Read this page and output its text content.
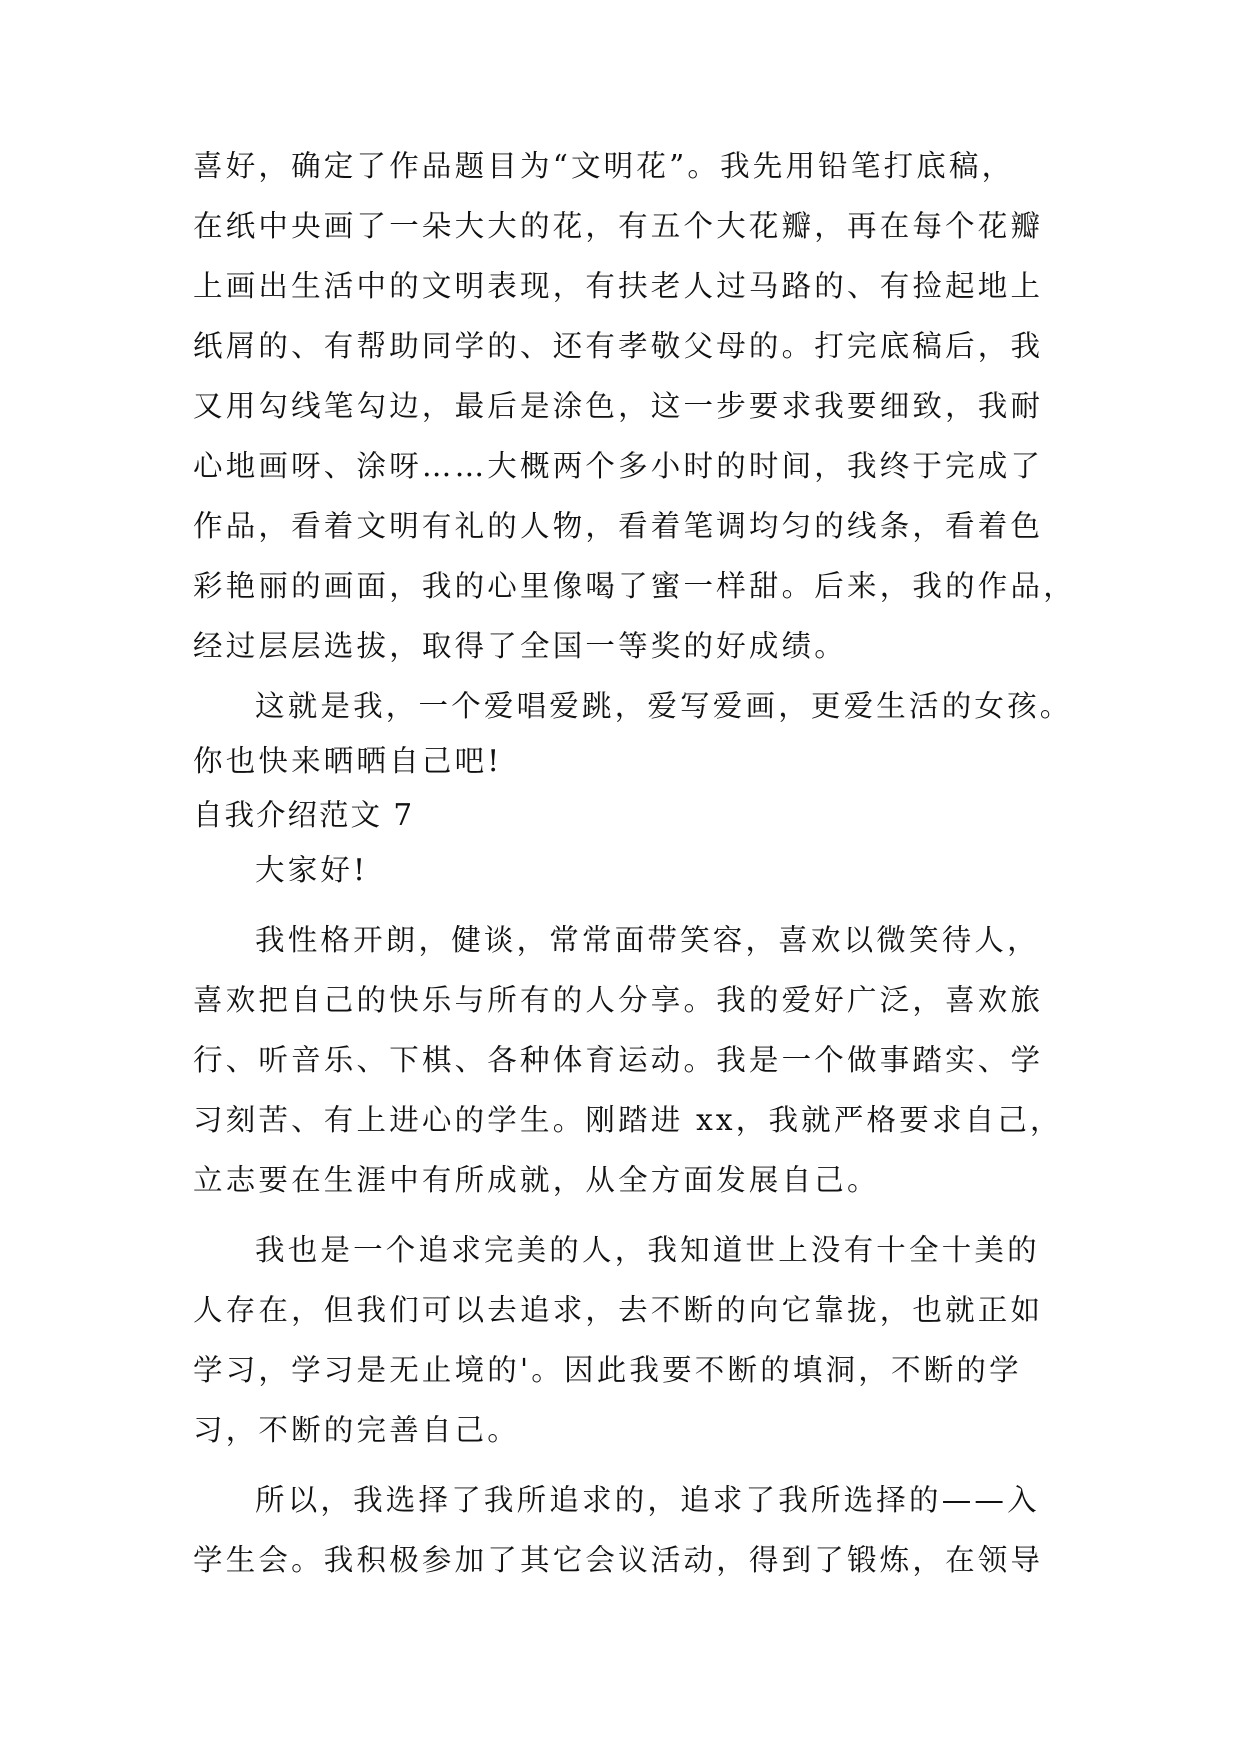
喜好，确定了作品题目为“文明花”。我先用铅笔打底稿，
在纸中央画了一朵大大的花，有五个大花瓣，再在每个花瓣
上画出生活中的文明表现，有扶老人过马路的、有捡起地上
纸屑的、有帮助同学的、还有孝敬父母的。打完底稿后，我
又用勾线笔勾边，最后是涂色，这一步要求我要细致，我耐
心地画呀、涂呀……大概两个多小时的时间，我终于完成了
作品，看着文明有礼的人物，看着笔调均匀的线条，看着色
彩艳丽的画面，我的心里像喝了蜜一样甜。后来，我的作品，
经过层层选拔，取得了全国一等奖的好成绩。
这就是我，一个爱唱爱跳，爱写爱画，更爱生活的女孩。
你也快来晒晒自己吧!
自我介绍范文 7
大家好!
我性格开朗，健谈，常常面带笑容，喜欢以微笑待人，
喜欢把自己的快乐与所有的人分享。我的爱好广泛，喜欢旅
行、听音乐、下棋、各种体育运动。我是一个做事踏实、学
习刻苦、有上进心的学生。刚踏进 xx，我就严格要求自己，
立志要在生涯中有所成就，从全方面发展自己。
我也是一个追求完美的人，我知道世上没有十全十美的
人存在，但我们可以去追求，去不断的向它靠拢，也就正如
学习，学习是无止境的'。因此我要不断的填洞，不断的学
习，不断的完善自己。
所以，我选择了我所追求的，追求了我所选择的——入
学生会。我积极参加了其它会议活动，得到了锻炼，在领导
